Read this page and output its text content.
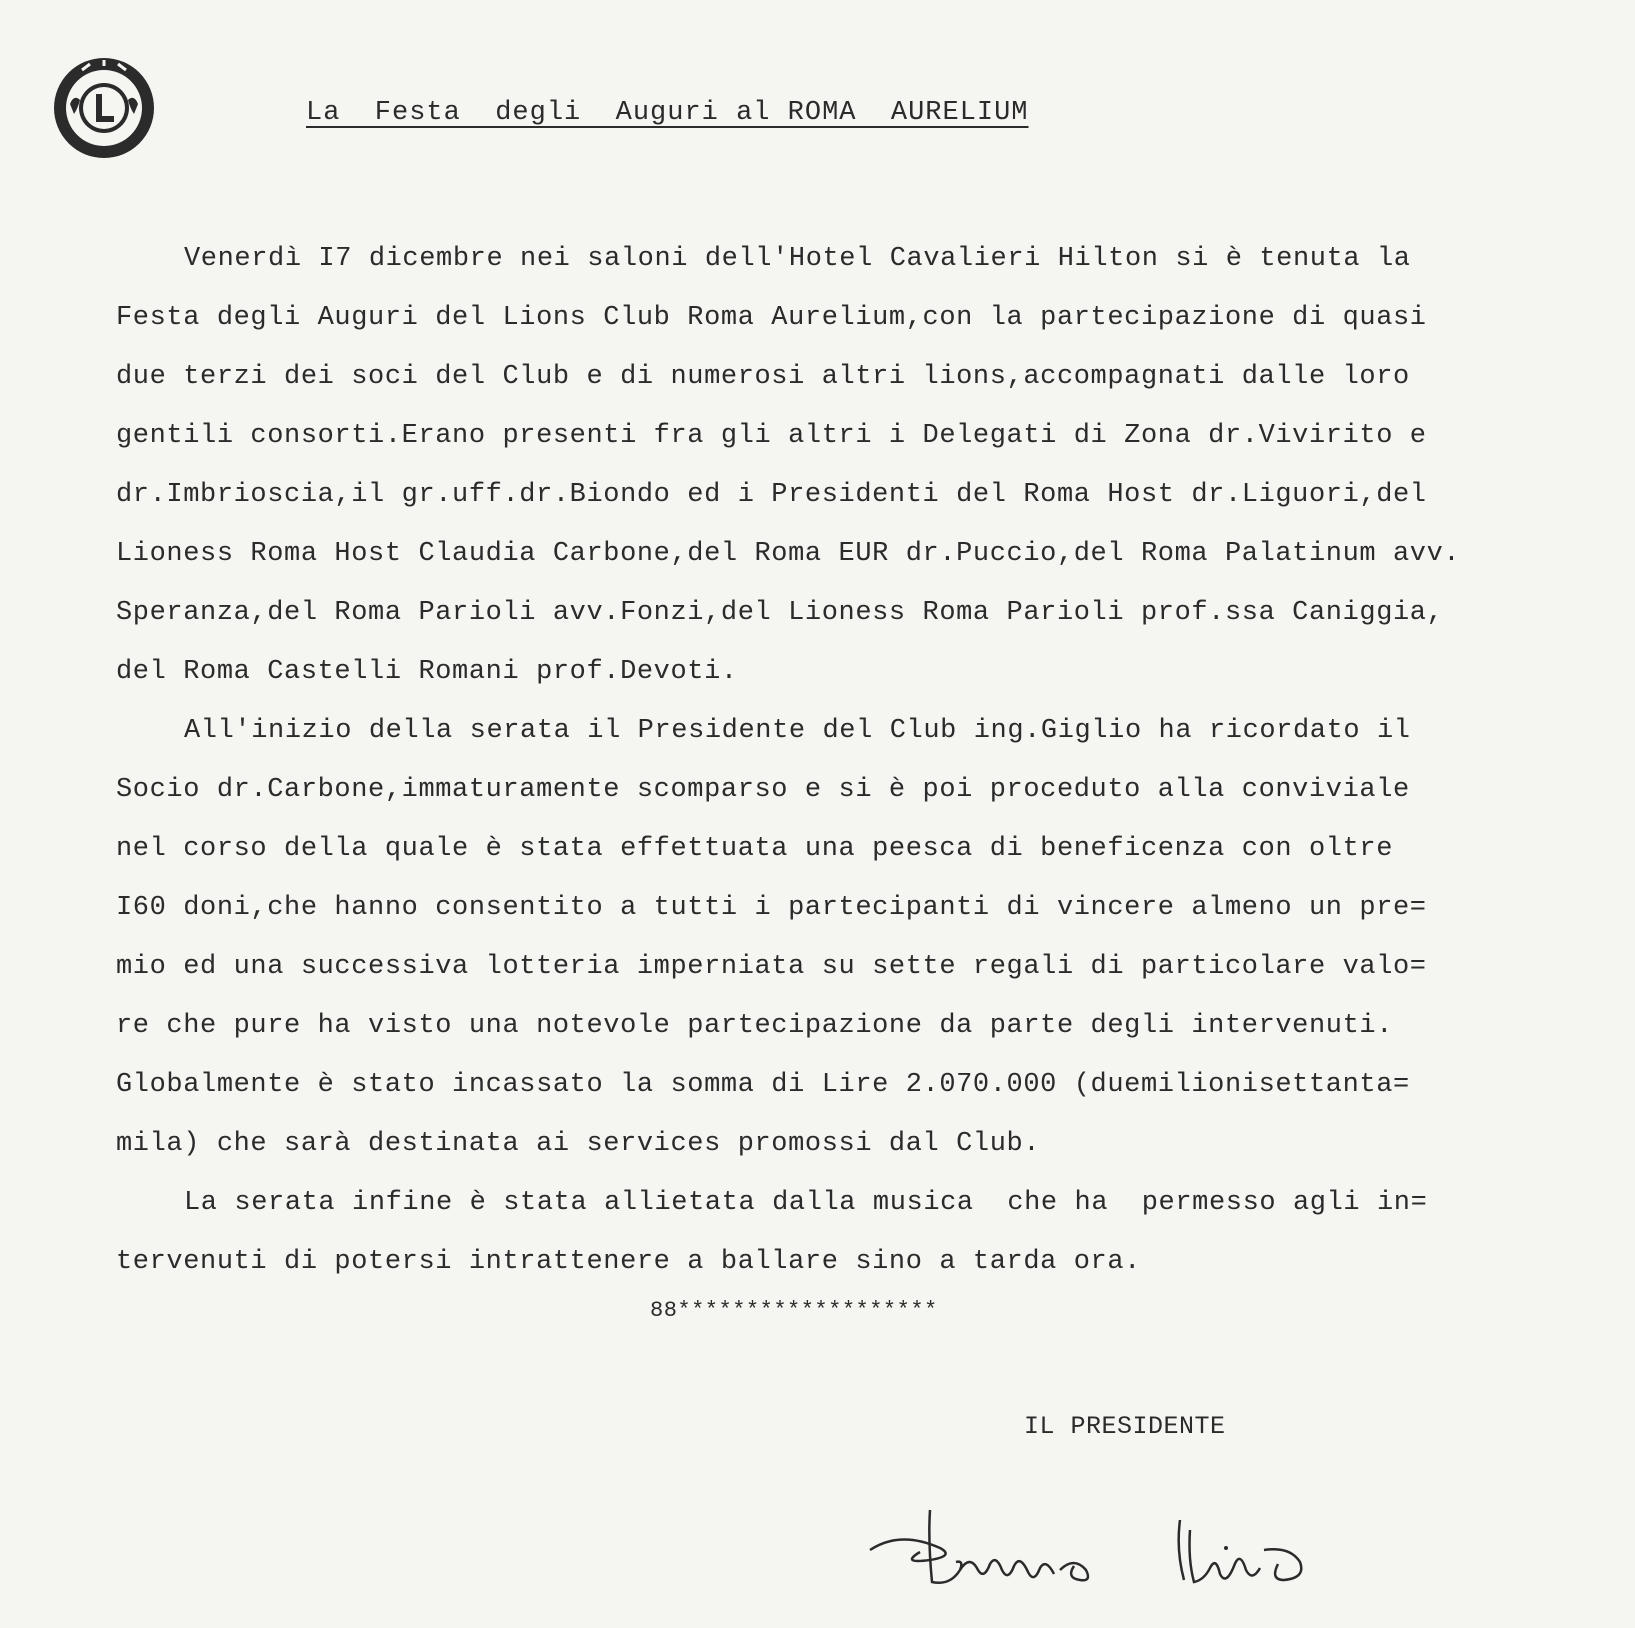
La  Festa  degli  Auguri al ROMA  AURELIUM
Venerdì I7 dicembre nei saloni dell'Hotel Cavalieri Hilton si è tenuta la
Festa degli Auguri del Lions Club Roma Aurelium,con la partecipazione di quasi
due terzi dei soci del Club e di numerosi altri lions,accompagnati dalle loro
gentili consorti.Erano presenti fra gli altri i Delegati di Zona dr.Vivirito e
dr.Imbrioscia,il gr.uff.dr.Biondo ed i Presidenti del Roma Host dr.Liguori,del
Lioness Roma Host Claudia Carbone,del Roma EUR dr.Puccio,del Roma Palatinum avv.
Speranza,del Roma Parioli avv.Fonzi,del Lioness Roma Parioli prof.ssa Caniggia,
del Roma Castelli Romani prof.Devoti.
All'inizio della serata il Presidente del Club ing.Giglio ha ricordato il
Socio dr.Carbone,immaturamente scomparso e si è poi proceduto alla conviviale
nel corso della quale è stata effettuata una peesca di beneficenza con oltre
I60 doni,che hanno consentito a tutti i partecipanti di vincere almeno un pre=
mio ed una successiva lotteria imperniata su sette regali di particolare valo=
re che pure ha visto una notevole partecipazione da parte degli intervenuti.
Globalmente è stato incassato la somma di Lire 2.070.000 (duemilionisettanta=
mila) che sarà destinata ai services promossi dal Club.
La serata infine è stata allietata dalla musica  che ha  permesso agli in=
tervenuti di potersi intrattenere a ballare sino a tarda ora.
88*******************
IL PRESIDENTE
